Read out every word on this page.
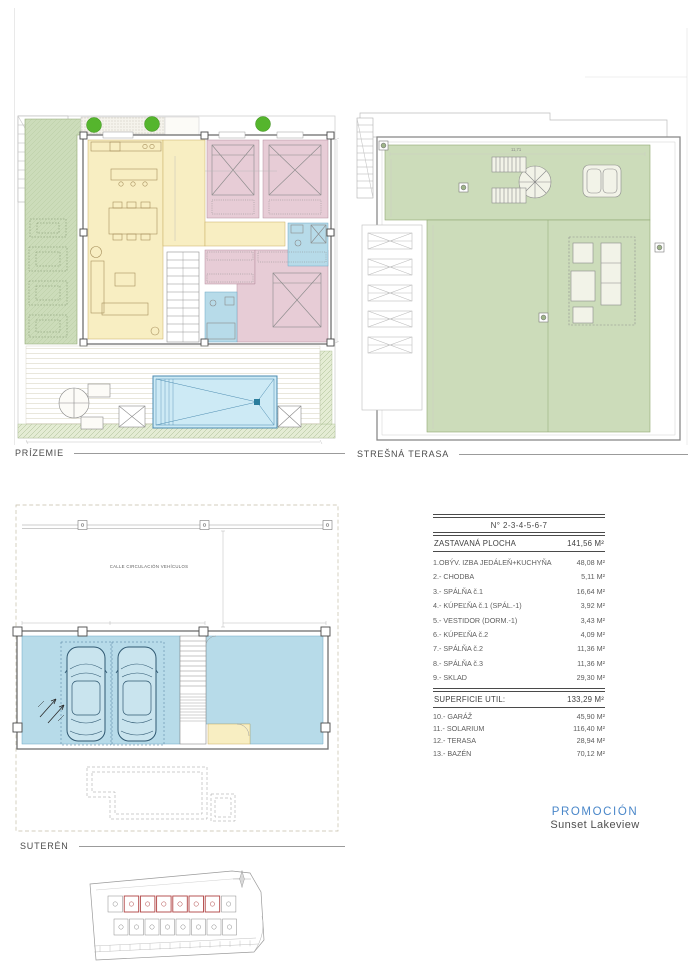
11,71
CALLE CIRCULACIÓN VEHÍCULOS
PRÍZEMIE	STREŠNÁ TERASA
SUTERÉN
N° 2-3-4-5-6-7
ZASTAVANÁ PLOCHA	141,56 M²
1.OBÝV. IZBA JEDÁLEŇ+KUCHYŇA	48,08 M²
2.- CHODBA	5,11 M²
3.- SPÁLŇA č.1	16,64 M²
4.- KÚPEĽŇA č.1 (SPÁL.-1)	3,92 M²
5.- VESTIDOR (DORM.-1)	3,43 M²
6.- KÚPEĽŇA č.2	4,09 M²
7.- SPÁLŇA č.2	11,36 M²
8.- SPÁLŇA č.3	11,36 M²
9.- SKLAD	29,30 M²
SUPERFICIE UTIL:	133,29 M²
10.- GARÁŽ	45,90 M²
11.- SOLARIUM	116,40 M²
12.- TERASA	28,94 M²
13.- BAZÉN	70,12 M²
PROMOCIÓN
Sunset Lakeview
